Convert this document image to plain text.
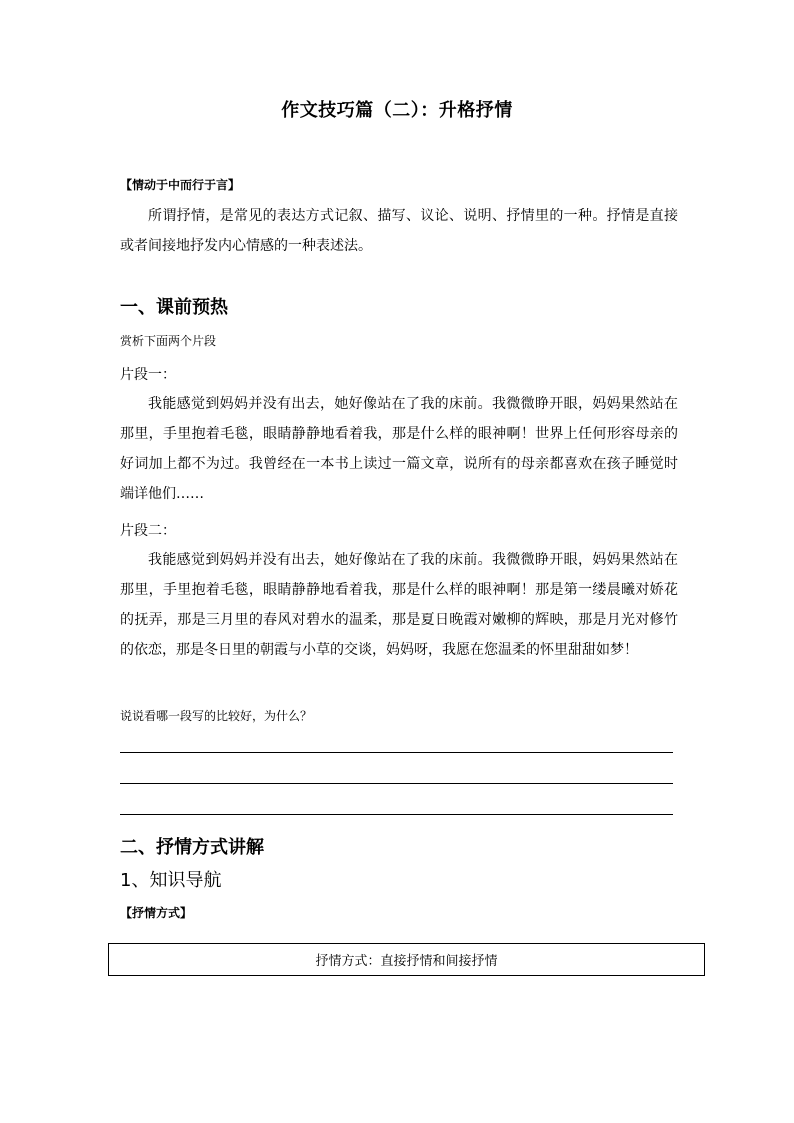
作文技巧篇（二）：升格抒情
【情动于中而行于言】
所谓抒情，是常见的表达方式记叙、描写、议论、说明、抒情里的一种。抒情是直接或者间接地抒发内心情感的一种表述法。
一、课前预热
赏析下面两个片段
片段一：
我能感觉到妈妈并没有出去，她好像站在了我的床前。我微微睁开眼，妈妈果然站在那里，手里抱着毛毯，眼睛静静地看着我，那是什么样的眼神啊！世界上任何形容母亲的好词加上都不为过。我曾经在一本书上读过一篇文章，说所有的母亲都喜欢在孩子睡觉时端详他们……
片段二：
我能感觉到妈妈并没有出去，她好像站在了我的床前。我微微睁开眼，妈妈果然站在那里，手里抱着毛毯，眼睛静静地看着我，那是什么样的眼神啊！那是第一缕晨曦对娇花的抚弄，那是三月里的春风对碧水的温柔，那是夏日晚霞对嫩柳的辉映，那是月光对修竹的依恋，那是冬日里的朝霞与小草的交谈，妈妈呀，我愿在您温柔的怀里甜甜如梦！
说说看哪一段写的比较好，为什么？
二、抒情方式讲解
1、知识导航
【抒情方式】
抒情方式：直接抒情和间接抒情
